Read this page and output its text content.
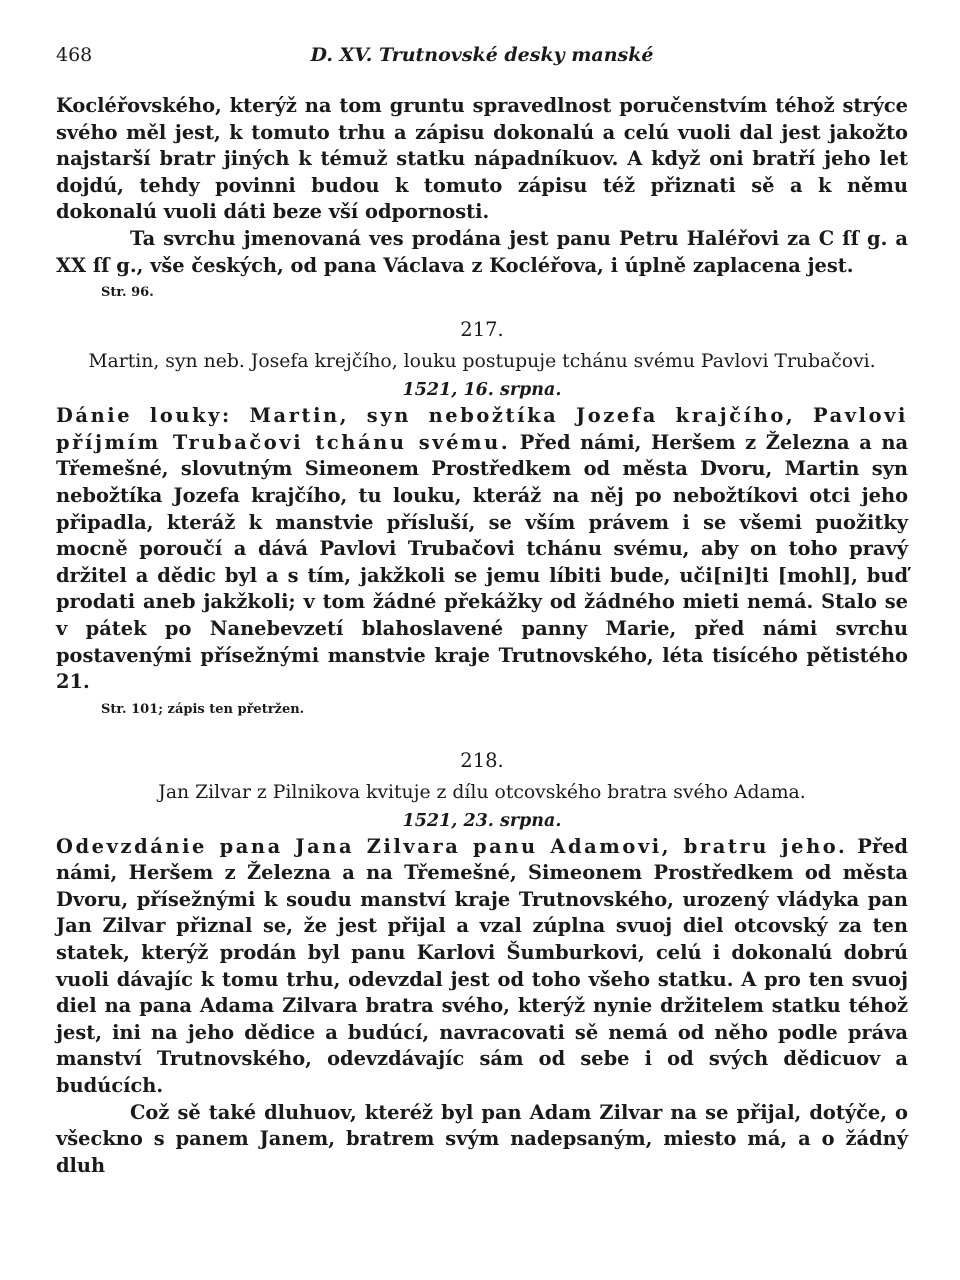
468	D. XV. Trutnovské desky manské

Kocléřovského, kterýž na tom gruntu spravedlnost poručenstvím téhož strýce svého měl jest, k tomuto trhu a zápisu dokonalú a celú vuoli dal jest jakožto najstarší bratr jiných k témuž statku nápadníkuov. A když oni bratří jeho let dojdú, tehdy povinni budou k tomuto zápisu též přiznati sě a k němu dokonalú vuoli dáti beze vší odpornosti.

Ta svrchu jmenovaná ves prodána jest panu Petru Haléřovi za C ſſ g. a XX ſſ g., vše českých, od pana Václava z Kocléřova, i úplně zaplacena jest.

Str. 96.
217.
Martin, syn neb. Josefa krejčího, louku postupuje tchánu svému Pavlovi Trubačovi.
1521, 16. srpna.

Dánie louky: Martin, syn nebožtíka Jozefa krajčího, Pavlovi příjmím Trubačovi tchánu svému. Před námi, Heršem z Železna a na Třemešné, slovutným Simeonem Prostředkem od města Dvoru, Martin syn nebožtíka Jozefa krajčího, tu louku, kteráž na něj po nebožtíkovi otci jeho připadla, kteráž k manstvie přísluší, se vším právem i se všemi puožitky mocně poroučí a dává Pavlovi Trubačovi tchánu svému, aby on toho pravý držitel a dědic byl a s tím, jakžkoli se jemu líbiti bude, uči[ni]ti [mohl], buď prodati aneb jakžkoli; v tom žádné překážky od žádného mieti nemá. Stalo se v pátek po Nanebevzetí blahoslavené panny Marie, před námi svrchu postavenými přísežnými manstvie kraje Trutnovského, léta tisícého pětistého 21.

Str. 101; zápis ten přetržen.
218.
Jan Zilvar z Pilnikova kvituje z dílu otcovského bratra svého Adama.
1521, 23. srpna.

Odevzdánie pana Jana Zilvara panu Adamovi, bratru jeho. Před námi, Heršem z Železna a na Třemešné, Simeonem Prostředkem od města Dvoru, přísežnými k soudu manství kraje Trutnovského, urozený vládyka pan Jan Zilvar přiznal se, že jest přijal a vzal zúplna svuoj diel otcovský za ten statek, kterýž prodán byl panu Karlovi Šumburkovi, celú i dokonalú dobrú vuoli dávajíc k tomu trhu, odevzdal jest od toho všeho statku. A pro ten svuoj diel na pana Adama Zilvara bratra svého, kterýž nynie držitelem statku téhož jest, ini na jeho dědice a budúcí, navracovati sě nemá od něho podle práva manství Trutnovského, odevzdávajíc sám od sebe i od svých dědicuov a budúcích.

Což sě také dluhuov, kteréž byl pan Adam Zilvar na se přijal, dotýče, o všeckno s panem Janem, bratrem svým nadepsaným, miesto má, a o žádný dluh
